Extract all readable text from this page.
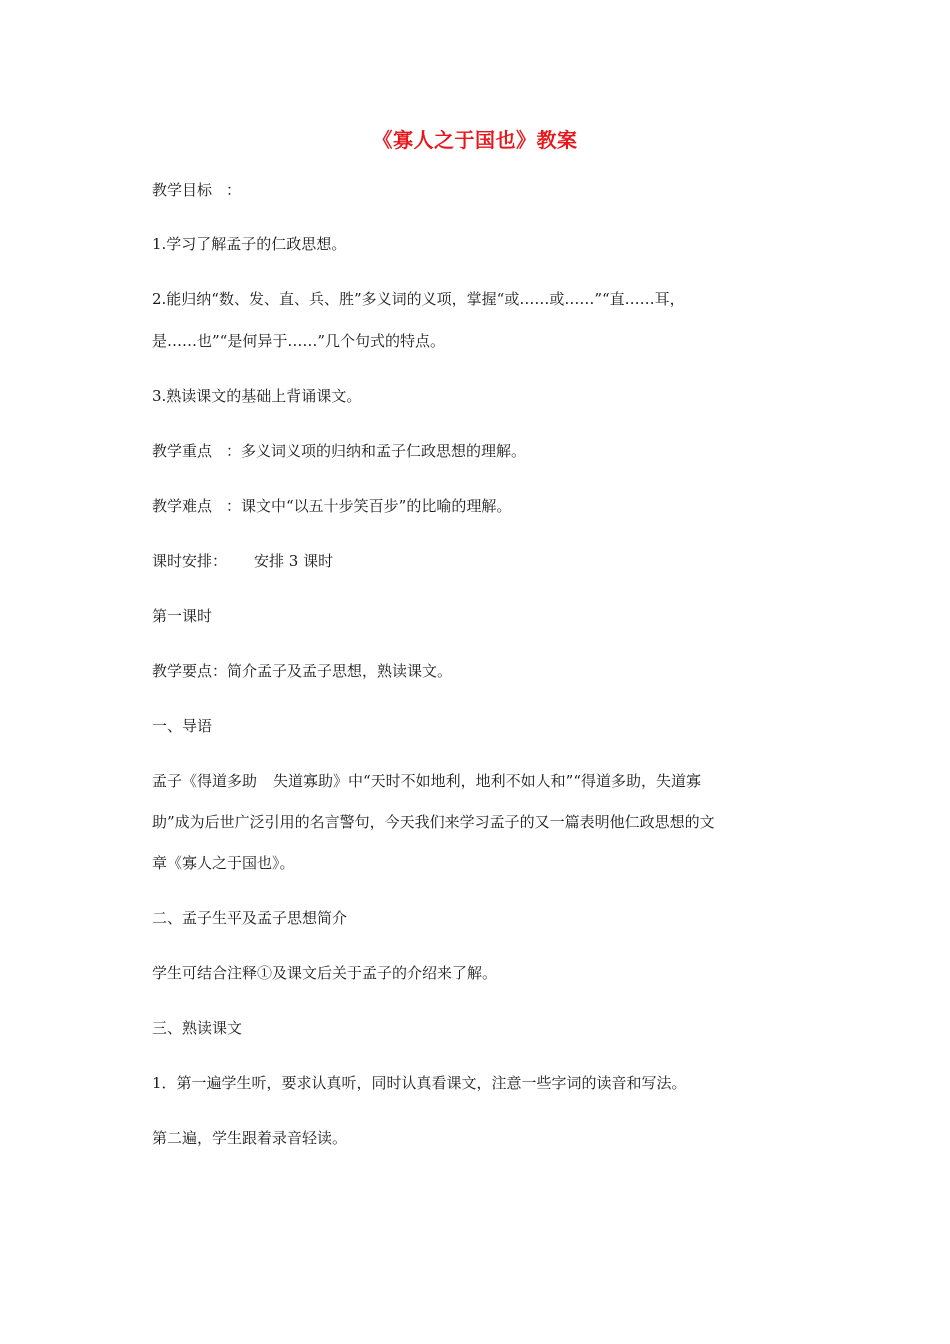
《寡人之于国也》教案
教学目标 ：
1.学习了解孟子的仁政思想。
2.能归纳“数、发、直、兵、胜”多义词的义项，掌握“或……或……”“直……耳，
是……也”“是何异于……”几个句式的特点。
3.熟读课文的基础上背诵课文。
教学重点 ：多义词义项的归纳和孟子仁政思想的理解。
教学难点 ：课文中“以五十步笑百步”的比喻的理解。
课时安排： 安排 3 课时
第一课时
教学要点：简介孟子及孟子思想，熟读课文。
一、导语
孟子《得道多助 失道寡助》中“天时不如地利，地利不如人和”“得道多助，失道寡
助”成为后世广泛引用的名言警句，今天我们来学习孟子的又一篇表明他仁政思想的文
章《寡人之于国也》。
二、孟子生平及孟子思想简介
学生可结合注释①及课文后关于孟子的介绍来了解。
三、熟读课文
1．第一遍学生听，要求认真听，同时认真看课文，注意一些字词的读音和写法。
第二遍，学生跟着录音轻读。
